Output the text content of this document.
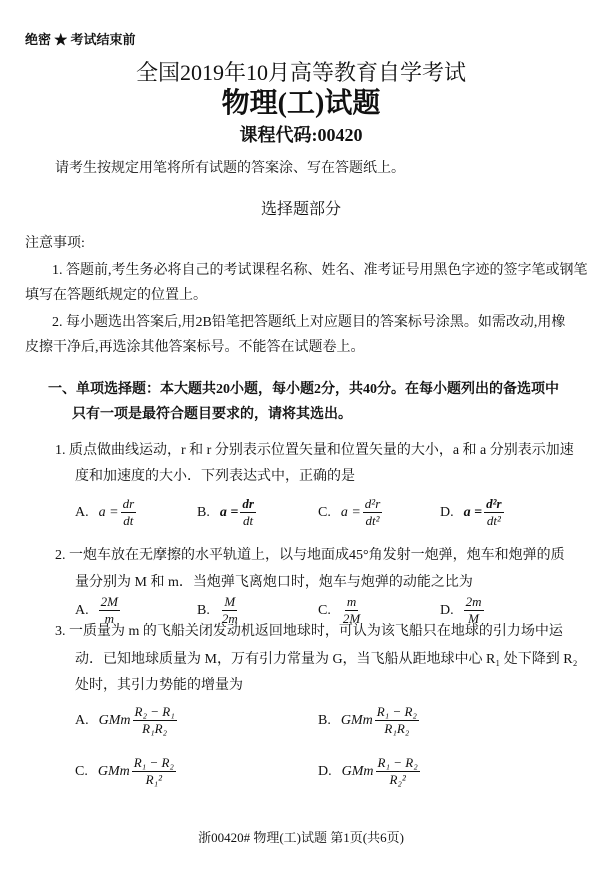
绝密 ★ 考试结束前
全国2019年10月高等教育自学考试
物理(工)试题
课程代码:00420
请考生按规定用笔将所有试题的答案涂、写在答题纸上。
选择题部分
注意事项:
1. 答题前,考生务必将自己的考试课程名称、姓名、准考证号用黑色字迹的签字笔或钢笔
填写在答题纸规定的位置上。
2. 每小题选出答案后,用2B铅笔把答题纸上对应题目的答案标号涂黑。如需改动,用橡
皮擦干净后,再选涂其他答案标号。不能答在试题卷上。
一、单项选择题：本大题共20小题，每小题2分，共40分。在每小题列出的备选项中
只有一项是最符合题目要求的，请将其选出。
1. 质点做曲线运动，r 和 r 分别表示位置矢量和位置矢量的大小，a 和 a 分别表示加速
度和加速度的大小．下列表达式中，正确的是
2. 一炮车放在无摩擦的水平轨道上，以与地面成45°角发射一炮弹，炮车和炮弹的质
量分别为 M 和 m．当炮弹飞离炮口时，炮车与炮弹的动能之比为
3. 一质量为 m 的飞船关闭发动机返回地球时，可认为该飞船只在地球的引力场中运
动．已知地球质量为 M，万有引力常量为 G，当飞船从距地球中心 R₁ 处下降到 R₂
处时，其引力势能的增量为
A. $a = \frac{dr}{dt}$	B. $a = \frac{dr}{dt}$	C. $a = \frac{\text{d²r}}{\text{dt²}}$	D. $a = \frac{\text{d²r}}{\text{dt²}}$
A. $\frac{2M}{m}$	B. $\frac{M}{2m}$	C. $\frac{m}{2M}$	D. $\frac{2m}{M}$
A. GMm $\frac{\text{R₂ − R₁}}{\text{R₁R₂}}$	B. GMm $\frac{\text{R₁ − R₂}}{\text{R₁R₂}}$
C. GMm $\frac{\text{R₁ − R₂}}{\text{R₁²}}$	D. GMm $\frac{\text{R₁ − R₂}}{\text{R₂²}}$
浙00420# 物理(工)试题 第1页(共6页)
